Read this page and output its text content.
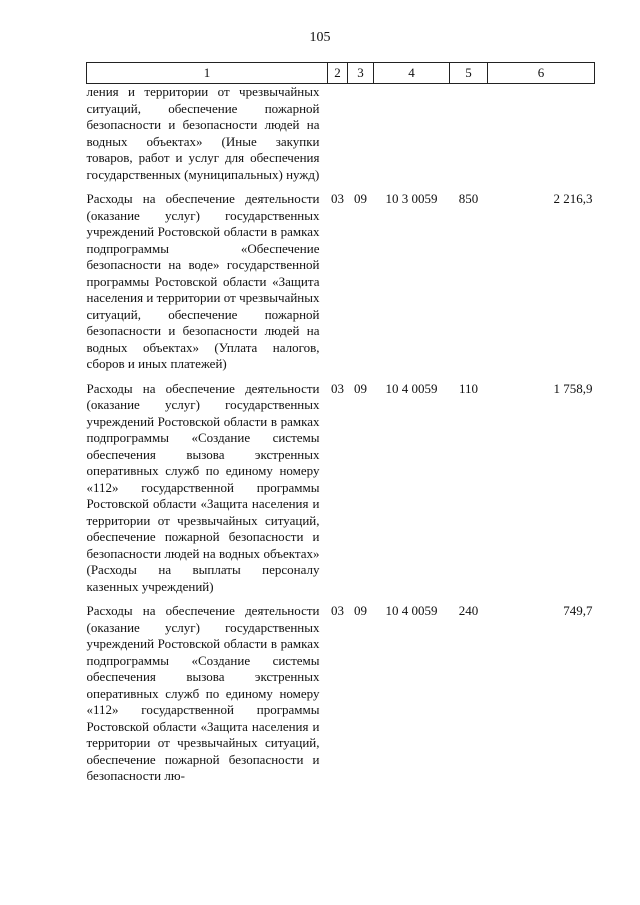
105
1	2	3	4	5	6
ления и территории от чрезвычайных ситуаций, обеспечение пожарной безопасности и безопасности людей на водных объектах» (Иные закупки товаров, работ и услуг для обеспечения государственных (муниципальных) нужд)					
Расходы на обеспечение деятельности (оказание услуг) государственных учреждений Ростовской области в рамках подпрограммы «Обеспечение безопасности на воде» государственной программы Ростовской области «Защита населения и территории от чрезвычайных ситуаций, обеспечение пожарной безопасности и безопасности людей на водных объектах» (Уплата налогов, сборов и иных платежей)	03	09	10 3 0059	850	2 216,3
Расходы на обеспечение деятельности (оказание услуг) государственных учреждений Ростовской области в рамках подпрограммы «Создание системы обеспечения вызова экстренных оперативных служб по единому номеру «112» государственной программы Ростовской области «Защита населения и территории от чрезвычайных ситуаций, обеспечение пожарной безопасности и безопасности людей на водных объектах» (Расходы на выплаты персоналу казенных учреждений)	03	09	10 4 0059	110	1 758,9
Расходы на обеспечение деятельности (оказание услуг) государственных учреждений Ростовской области в рамках подпрограммы «Создание системы обеспечения вызова экстренных оперативных служб по единому номеру «112» государственной программы Ростовской области «Защита населения и территории от чрезвычайных ситуаций, обеспечение пожарной безопасности и безопасности лю-	03	09	10 4 0059	240	749,7
